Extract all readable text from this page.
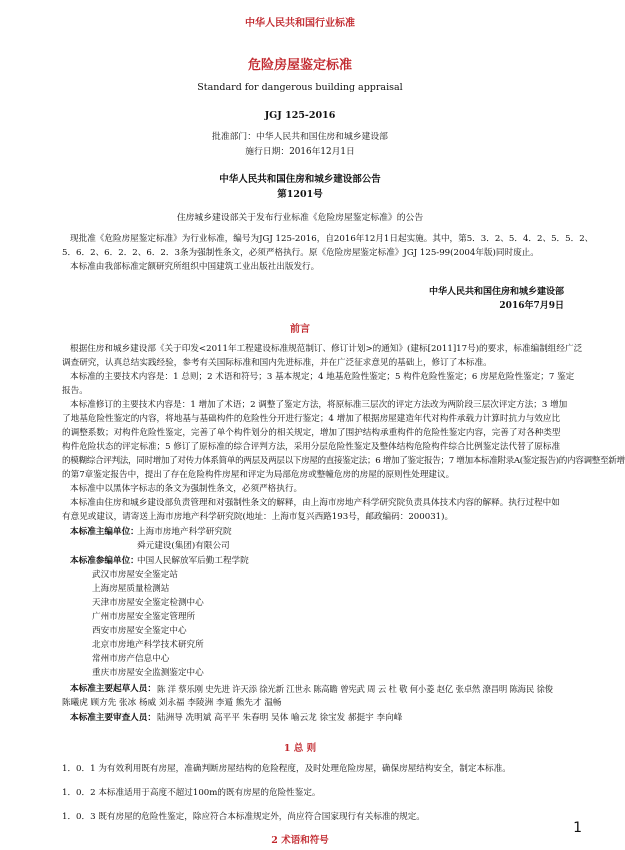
中华人民共和国行业标准
危险房屋鉴定标准
Standard for dangerous building appraisal
JGJ 125-2016
批准部门：中华人民共和国住房和城乡建设部
施行日期：2016年12月1日
中华人民共和国住房和城乡建设部公告
第1201号
住房城乡建设部关于发布行业标准《危险房屋鉴定标准》的公告
现批准《危险房屋鉴定标准》为行业标准，编号为JGJ 125-2016，自2016年12月1日起实施。其中，第5．3．2、5．4．2、5．5．2、
5．6．2、6．2．2、6．2．3条为强制性条文，必须严格执行。原《危险房屋鉴定标准》JGJ 125-99(2004年版)同时废止。
本标准由我部标准定额研究所组织中国建筑工业出版社出版发行。
中华人民共和国住房和城乡建设部
2016年7月9日
前言
根据住房和城乡建设部《关于印发<2011年工程建设标准规范制订、修订计划>的通知》(建标[2011]17号)的要求，标准编制组经广泛
调查研究，认真总结实践经验，参考有关国际标准和国内先进标准，并在广泛征求意见的基础上，修订了本标准。
本标准的主要技术内容是：1 总则；2 术语和符号；3 基本规定；4 地基危险性鉴定；5 构件危险性鉴定；6 房屋危险性鉴定；7 鉴定
报告。
本标准修订的主要技术内容是：1 增加了术语；2 调整了鉴定方法，将原标准三层次的评定方法改为两阶段三层次评定方法；3 增加
了地基危险性鉴定的内容，将地基与基础构件的危险性分开进行鉴定；4 增加了根据房屋建造年代对构件承载力计算时抗力与效应比
的调整系数；对构件危险性鉴定，完善了单个构件划分的相关规定，增加了围护结构承重构件的危险性鉴定内容，完善了对各种类型
构件危险状态的评定标准；5 修订了原标准的综合评判方法，采用分层危险性鉴定及整体结构危险构件综合比例鉴定法代替了原标准
的模糊综合评判法，同时增加了对传力体系简单的两层及两层以下房屋的直接鉴定法；6 增加了鉴定报告；7 增加本标准附录A(鉴定报告)的内容调整至新增
的第7章鉴定报告中，提出了存在危险构件房屋和评定为局部危房或整幢危房的房屋的原则性处理建议。
本标准中以黑体字标志的条文为强制性条文，必须严格执行。
本标准由住房和城乡建设部负责管理和对强制性条文的解释，由上海市房地产科学研究院负责具体技术内容的解释。执行过程中如
有意见或建议，请寄送上海市房地产科学研究院(地址：上海市复兴西路193号，邮政编码：200031)。
本标准主编单位：
上海市房地产科学研究院
舜元建设(集团)有限公司
本标准参编单位：
中国人民解放军后勤工程学院
武汉市房屋安全鉴定站
上海房屋质量检测站
天津市房屋安全鉴定检测中心
广州市房屋安全鉴定管理所
西安市房屋安全鉴定中心
北京市房地产科学技术研究所
常州市房产信息中心
重庆市房屋安全监测鉴定中心
本标准主要起草人员： 陈 洋 蔡乐刚 史先进 许天添 徐光新 江世永 陈高瞻 曾宪武 周 云 杜 敬 何小菱 赵亿 张卓然 潦昌明 陈海民 徐俊
陈曦虎 顾方先 张冰 杨威 刘永福 李陵洲 李遁 熊先才 温畅
本标准主要审查人员： 陆洲导 冼明斌 高平平 朱春明 吴体 喻云龙 徐宝发 郝挺宇 李向峰
1 总 则
1．0．1 为有效利用既有房屋，准确判断房屋结构的危险程度，及时处理危险房屋，确保房屋结构安全，制定本标准。
1．0．2 本标准适用于高度不超过100m的既有房屋的危险性鉴定。
1．0．3 既有房屋的危险性鉴定，除应符合本标准规定外，尚应符合国家现行有关标准的规定。
2 术语和符号
1
